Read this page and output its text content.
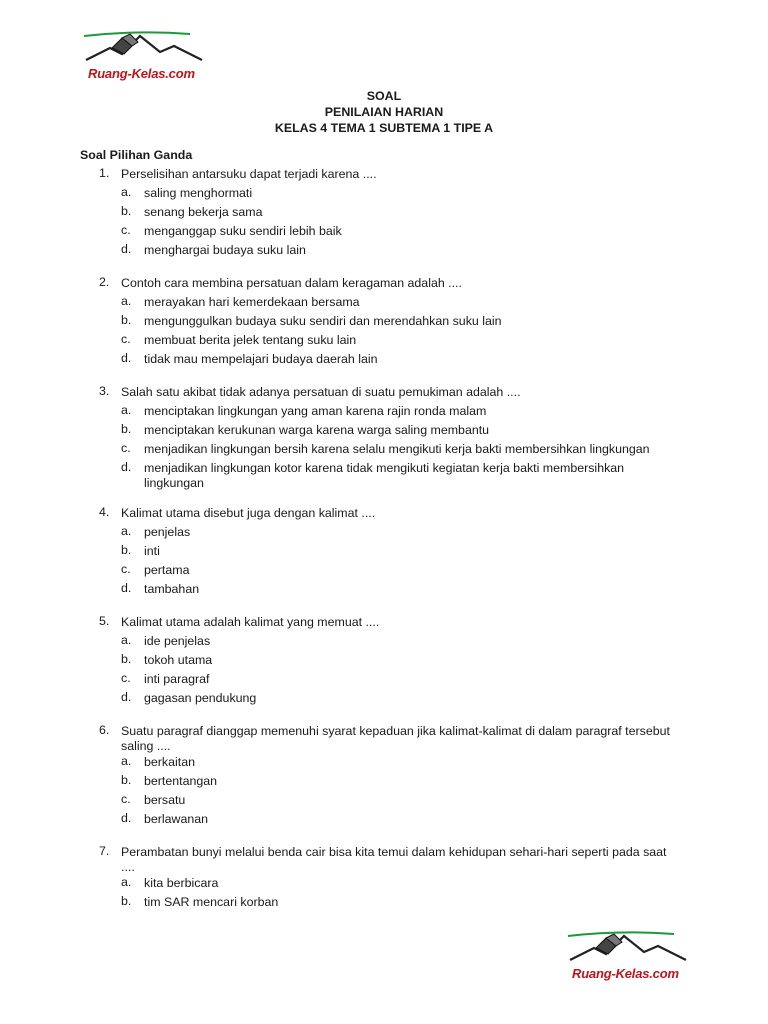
Ruang-Kelas.com
SOAL
PENILAIAN HARIAN
KELAS 4 TEMA 1 SUBTEMA 1 TIPE A
Soal Pilihan Ganda
1. Perselisihan antarsuku dapat terjadi karena ....
a. saling menghormati
b. senang bekerja sama
c. menganggap suku sendiri lebih baik
d. menghargai budaya suku lain
2. Contoh cara membina persatuan dalam keragaman adalah ....
a. merayakan hari kemerdekaan bersama
b. mengunggulkan budaya suku sendiri dan merendahkan suku lain
c. membuat berita jelek tentang suku lain
d. tidak mau mempelajari budaya daerah lain
3. Salah satu akibat tidak adanya persatuan di suatu pemukiman adalah ....
a. menciptakan lingkungan yang aman karena rajin ronda malam
b. menciptakan kerukunan warga karena warga saling membantu
c. menjadikan lingkungan bersih karena selalu mengikuti kerja bakti membersihkan lingkungan
d. menjadikan lingkungan kotor karena tidak mengikuti kegiatan kerja bakti membersihkan lingkungan
4. Kalimat utama disebut juga dengan kalimat ....
a. penjelas
b. inti
c. pertama
d. tambahan
5. Kalimat utama adalah kalimat yang memuat ....
a. ide penjelas
b. tokoh utama
c. inti paragraf
d. gagasan pendukung
6. Suatu paragraf dianggap memenuhi syarat kepaduan jika kalimat-kalimat di dalam paragraf tersebut saling ....
a. berkaitan
b. bertentangan
c. bersatu
d. berlawanan
7. Perambatan bunyi melalui benda cair bisa kita temui dalam kehidupan sehari-hari seperti pada saat ....
a. kita berbicara
b. tim SAR mencari korban
Ruang-Kelas.com
